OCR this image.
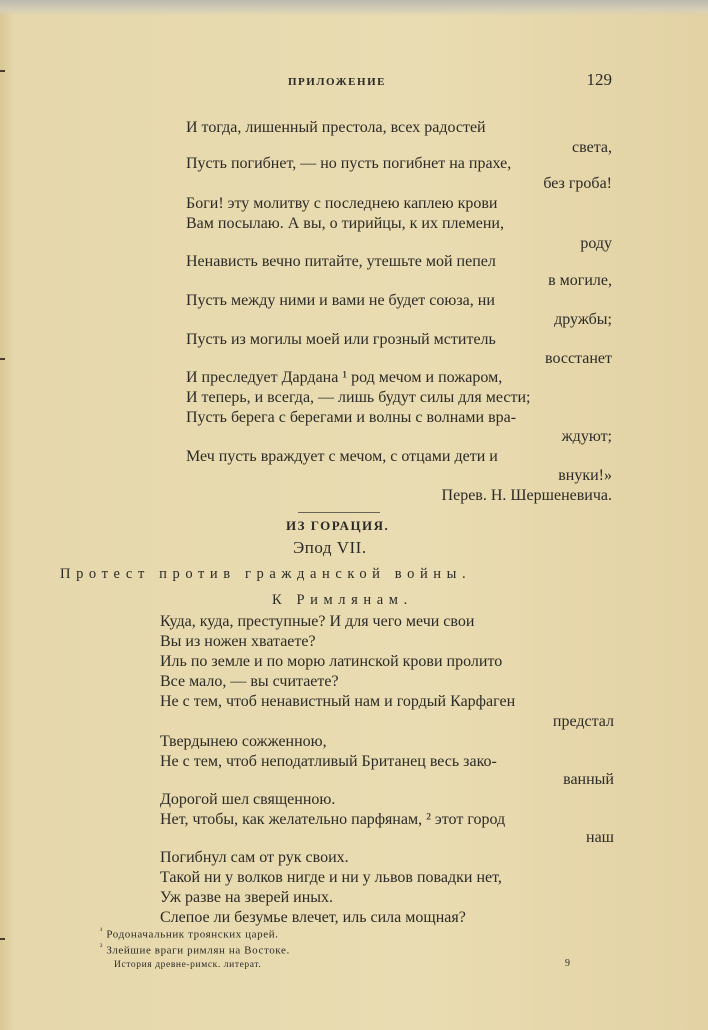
ПРИЛОЖЕНИЕ	129
И тогда, лишенный престола, всех радостей
света,
Пусть погибнет, — но пусть погибнет на прахе,
без гроба!
Боги! эту молитву с последнею каплею крови
Вам посылаю. А вы, о тирийцы, к их племени,
роду
Ненависть вечно питайте, утешьте мой пепел
в могиле,
Пусть между ними и вами не будет союза, ни
дружбы;
Пусть из могилы моей или грозный мститель
восстанет
И преследует Дардана ¹ род мечом и пожаром,
И теперь, и всегда, — лишь будут силы для мести;
Пусть берега с берегами и волны с волнами вра-
ждуют;
Меч пусть враждует с мечом, с отцами дети и
внуки!»
Перев. Н. Шершеневича.
ИЗ ГОРАЦИЯ.
Эпод VII.
Протест против гражданской войны.
К Римлянам.
Куда, куда, преступные? И для чего мечи свои
Вы из ножен хватаете?
Иль по земле и по морю латинской крови пролито
Все мало, — вы считаете?
Не с тем, чтоб ненавистный нам и гордый Карфаген
предстал
Твердынею сожженною,
Не с тем, чтоб неподатливый Британец весь зако-
ванный
Дорогой шел священною.
Нет, чтобы, как желательно парфянам, ² этот город
наш
Погибнул сам от рук своих.
Такой ни у волков нигде и ни у львов повадки нет,
Уж разве на зверей иных.
Слепое ли безумье влечет, иль сила мощная?
$^{^1}$ Родоначальник троянских царей.
$^{^2}$ Злейшие враги римлян на Востоке.
История древне-римск. литерат.	9
